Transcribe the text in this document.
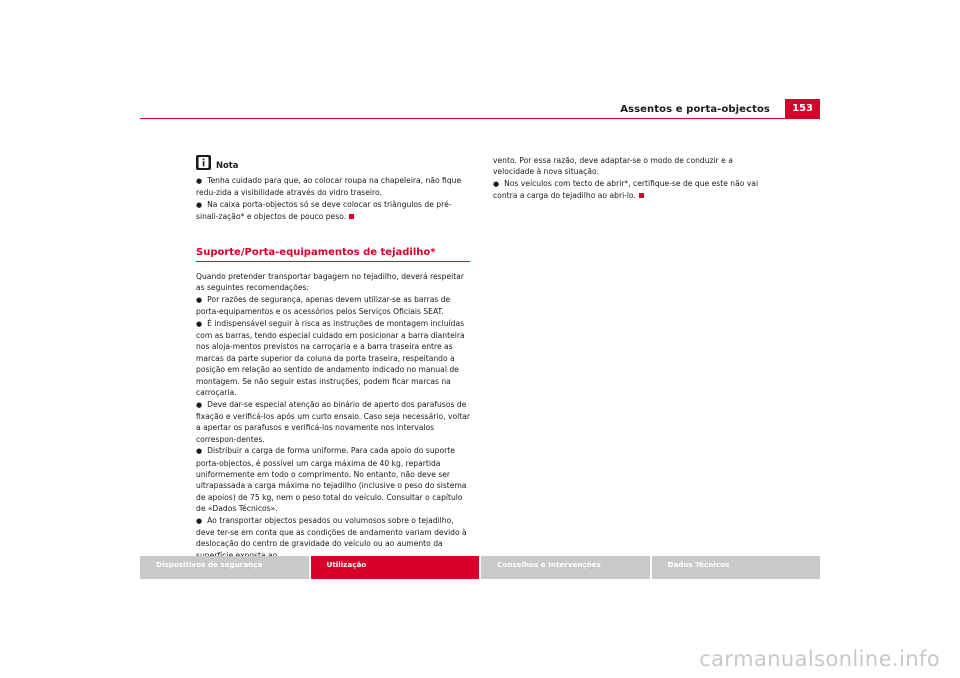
Assentos e porta-objectos	153
Nota

● Tenha cuidado para que, ao colocar roupa na chapeleira, não fique redu-zida a visibilidade através do vidro traseiro.

● Na caixa porta-objectos só se deve colocar os triângulos de pré-sinali-zação* e objectos de pouco peso.

Suporte/Porta-equipamentos de tejadilho*

Quando pretender transportar bagagem no tejadilho, deverá respeitar as seguintes recomendações:

● Por razões de segurança, apenas devem utilizar-se as barras de porta-equipamentos e os acessórios pelos Serviços Oficiais SEAT.

● É indispensável seguir à risca as instruções de montagem incluídas com as barras, tendo especial cuidado em posicionar a barra dianteira nos aloja-mentos previstos na carroçaria e a barra traseira entre as marcas da parte superior da coluna da porta traseira, respeitando a posição em relação ao sentido de andamento indicado no manual de montagem. Se não seguir estas instruções, podem ficar marcas na carroçaria.

● Deve dar-se especial atenção ao binário de aperto dos parafusos de fixação e verificá-los após um curto ensaio. Caso seja necessário, voltar a apertar os parafusos e verificá-los novamente nos intervalos correspon-dentes.

● Distribuir a carga de forma uniforme. Para cada apoio do suporte porta-objectos, é possível um carga máxima de 40 kg, repartida uniformemente em todo o comprimento. No entanto, não deve ser ultrapassada a carga máxima no tejadilho (inclusive o peso do sistema de apoios) de 75 kg, nem o peso total do veículo. Consultar o capítulo de «Dados Técnicos».

● Ao transportar objectos pesados ou volumosos sobre o tejadilho, deve ter-se em conta que as condições de andamento variam devido à deslocação do centro de gravidade do veículo ou ao aumento da

vento. Por essa razão, deve adaptar-se o modo de conduzir e a velocidade à nova situação.

● Nos veículos com tecto de abrir*, certifique-se de que este não vai contra a carga do tejadilho ao abri-lo.

Dispositivos de segurança	Utilização	Conselhos e Intervenções	Dados Técnicos
carmanualsonline.info
